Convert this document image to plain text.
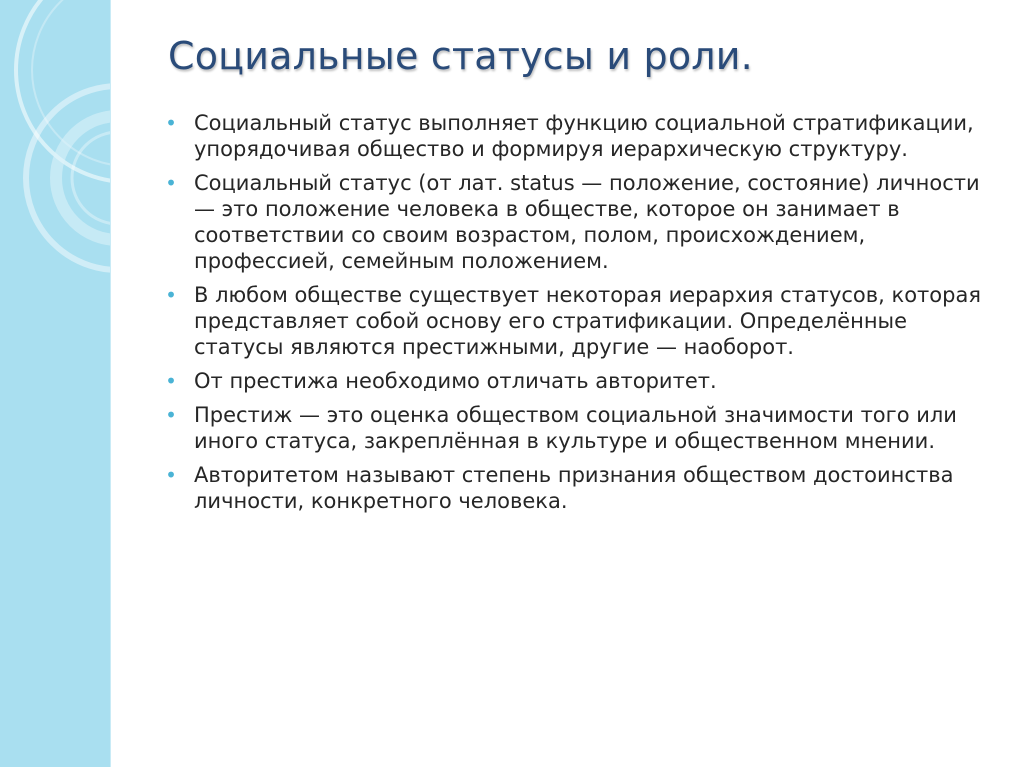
Социальные статусы и роли.
• Социальный статус выполняет функцию социальной стратификации, упорядочивая общество и формируя иерархическую структуру.
• Социальный статус (от лат. status — положение, состояние) личности — это положение человека в обществе, которое он занимает в соответствии со своим возрастом, полом, происхождением, профессией, семейным положением.
• В любом обществе существует некоторая иерархия статусов, которая представляет собой основу его стратификации. Определённые статусы являются престижными, другие — наоборот.
• От престижа необходимо отличать авторитет.
• Престиж — это оценка обществом социальной значимости того или иного статуса, закреплённая в культуре и общественном мнении.
• Авторитетом называют степень признания обществом достоинства личности, конкретного человека.
